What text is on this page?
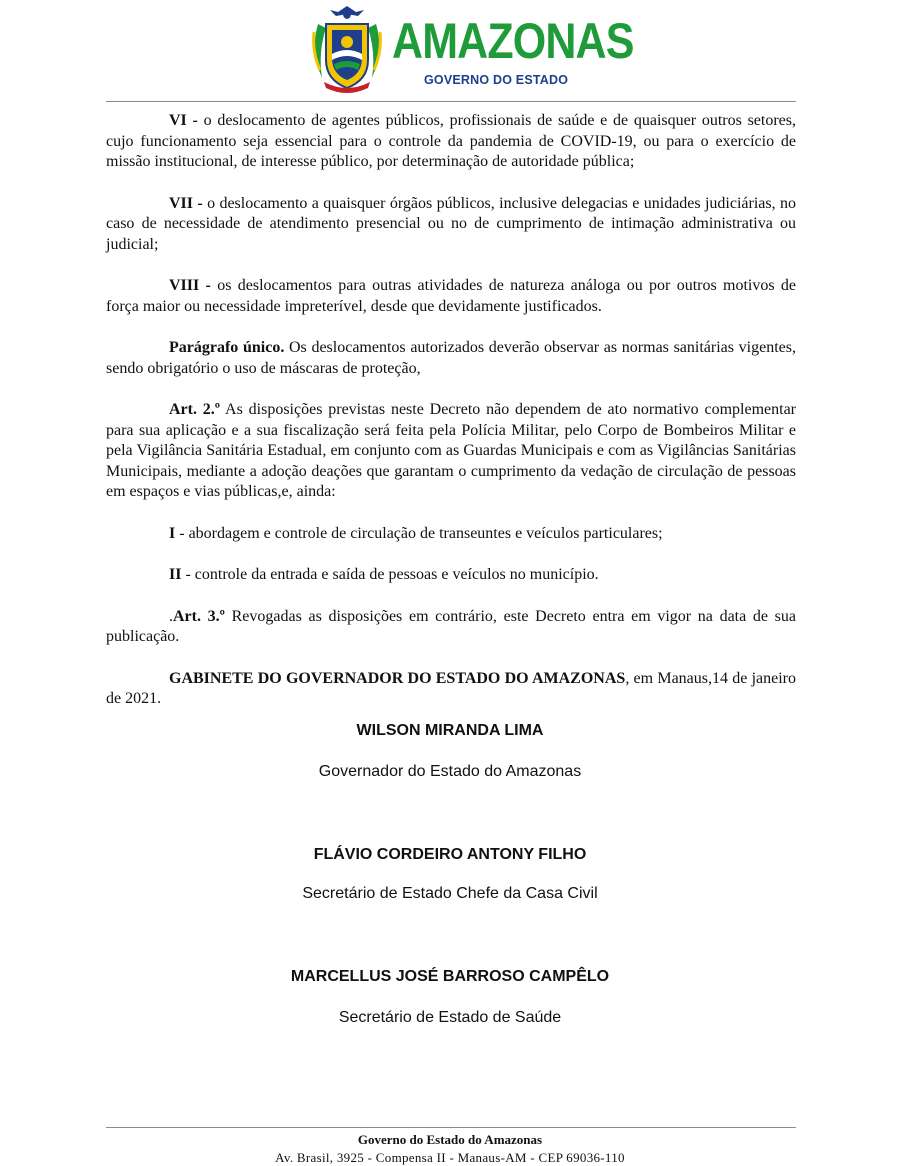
AMAZONAS
GOVERNO DO ESTADO

VI - o deslocamento de agentes públicos, profissionais de saúde e de quaisquer outros setores, cujo funcionamento seja essencial para o controle da pandemia de COVID-19, ou para o exercício de missão institucional, de interesse público, por determinação de autoridade pública;

VII - o deslocamento a quaisquer órgãos públicos, inclusive delegacias e unidades judiciárias, no caso de necessidade de atendimento presencial ou no de cumprimento de intimação administrativa ou judicial;

VIII - os deslocamentos para outras atividades de natureza análoga ou por outros motivos de força maior ou necessidade impreterível, desde que devidamente justificados.

Parágrafo único. Os deslocamentos autorizados deverão observar as normas sanitárias vigentes, sendo obrigatório o uso de máscaras de proteção,

Art. 2.º As disposições previstas neste Decreto não dependem de ato normativo complementar para sua aplicação e a sua fiscalização será feita pela Polícia Militar, pelo Corpo de Bombeiros Militar e pela Vigilância Sanitária Estadual, em conjunto com as Guardas Municipais e com as Vigilâncias Sanitárias Municipais, mediante a adoção deações que garantam o cumprimento da vedação de circulação de pessoas em espaços e vias públicas,e, ainda:

I - abordagem e controle de circulação de transeuntes e veículos particulares;

II - controle da entrada e saída de pessoas e veículos no município.

.Art. 3.º Revogadas as disposições em contrário, este Decreto entra em vigor na data de sua publicação.

GABINETE DO GOVERNADOR DO ESTADO DO AMAZONAS, em Manaus,14 de janeiro de 2021.

WILSON MIRANDA LIMA
Governador do Estado do Amazonas
FLÁVIO CORDEIRO ANTONY FILHO
Secretário de Estado Chefe da Casa Civil
MARCELLUS JOSÉ BARROSO CAMPÊLO
Secretário de Estado de Saúde
Governo do Estado do Amazonas
Av. Brasil, 3925 - Compensa II - Manaus-AM - CEP 69036-110
